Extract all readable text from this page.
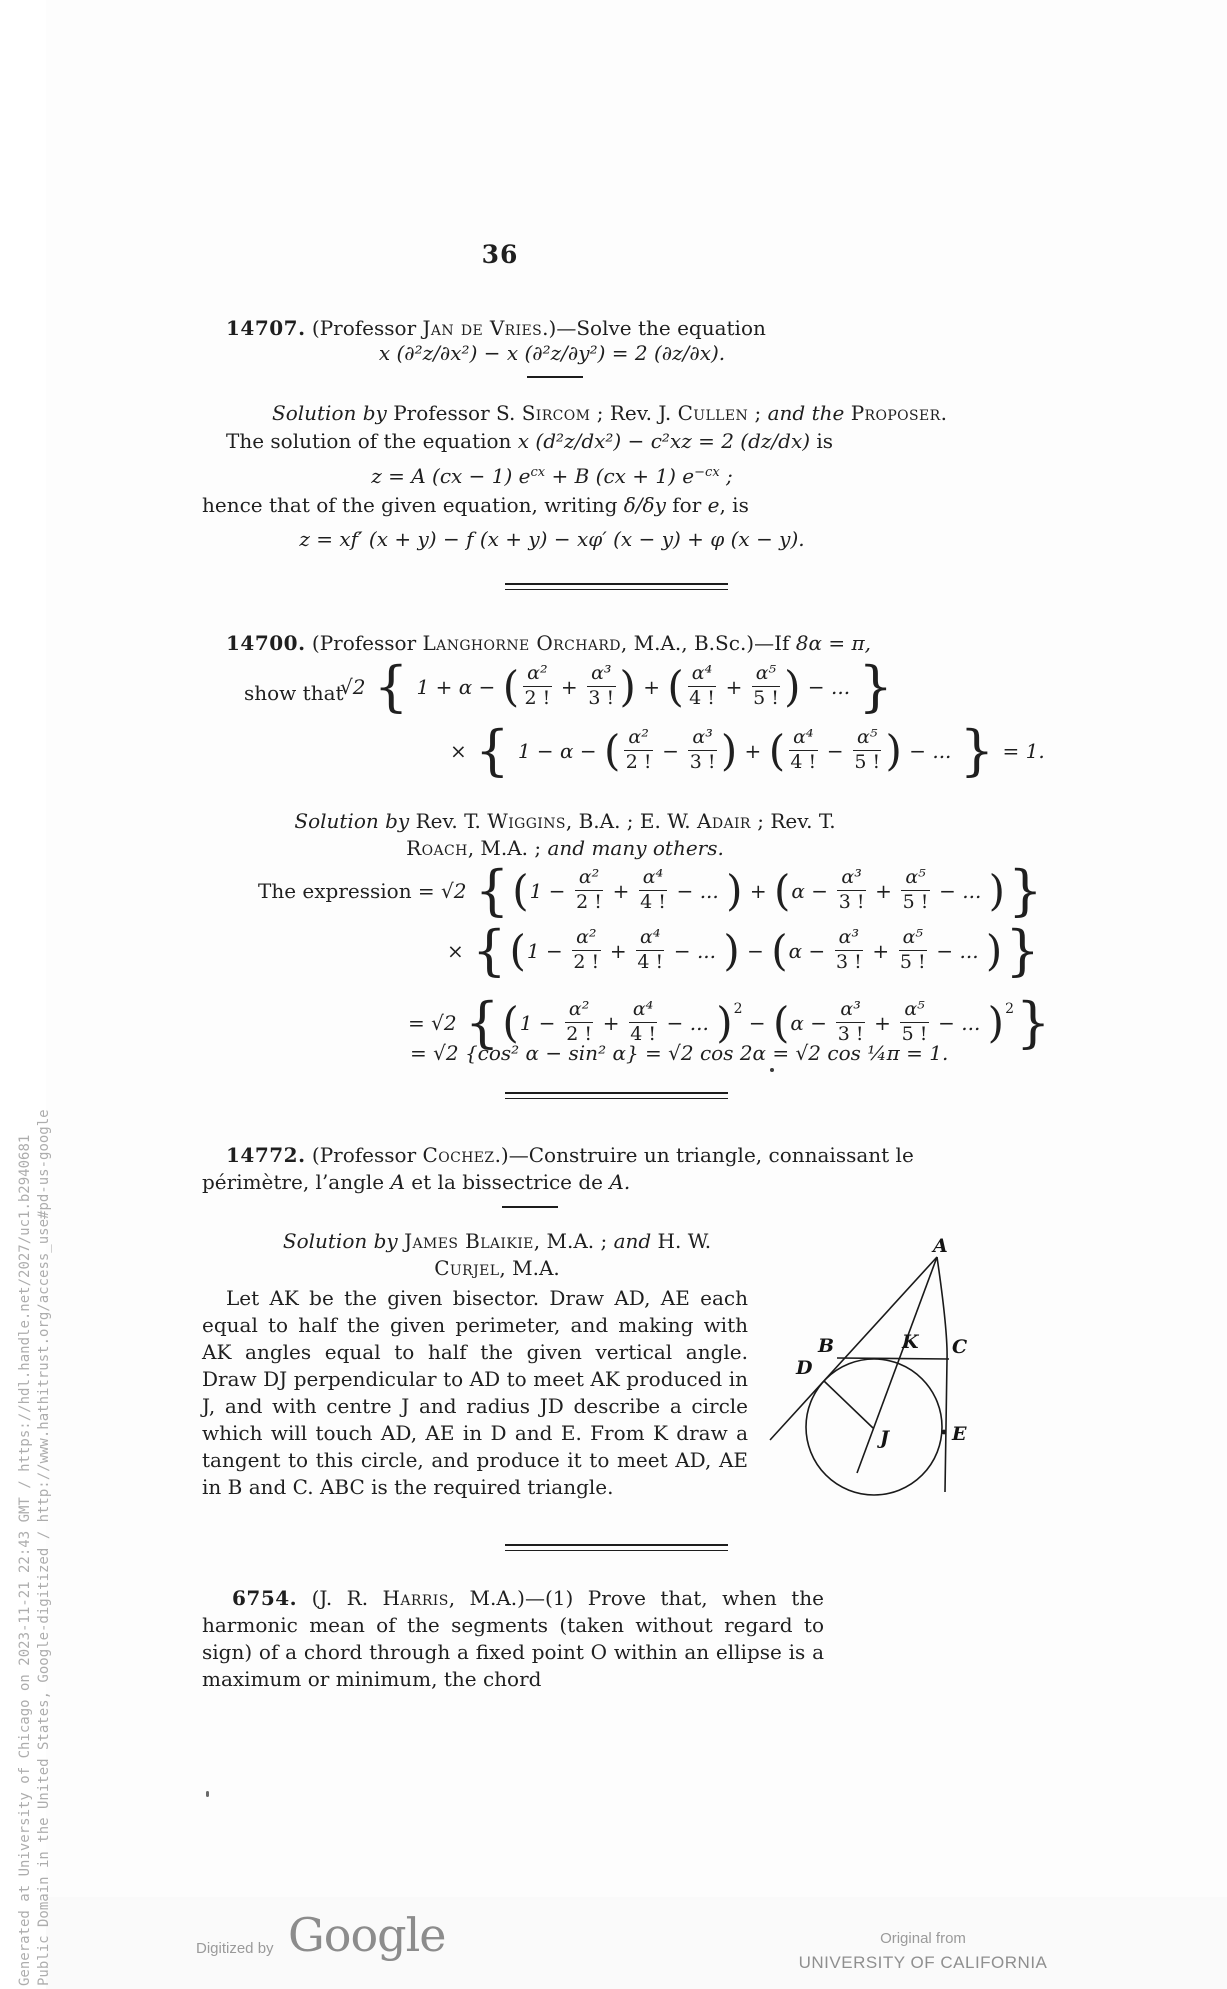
Generated at University of Chicago on 2023-11-21 22:43 GMT / https://hdl.handle.net/2027/uc1.b2940681 Public Domain in the United States, Google-digitized / http://www.hathitrust.org/access_use#pd-us-google
36
14707. (Professor Jan de Vries.)—Solve the equation
x (∂²z/∂x²) − x (∂²z/∂y²) = 2 (∂z/∂x).
Solution by Professor S. Sircom ; Rev. J. Cullen ; and the Proposer.
The solution of the equation x (d²z/dx²) − c²xz = 2 (dz/dx) is
z = A (cx − 1) $e^{cx} + B$ (cx + 1) $e^{-cx}$ ;
hence that of the given equation, writing δ/δy for e, is
z = xf′ (x + y) − f (x + y) − xφ′ (x − y) + φ (x − y).
14700. (Professor Langhorne Orchard, M.A., B.Sc.)—If 8α = π,
show that
√2 { 1 + α − ( $\frac{\text{α²}}{2 !} + \frac{\text{α³}}{3 !}$ ) + ( $\frac{\text{α⁴}}{4 !} + \frac{\text{α⁵}}{5 !}$ ) − ... }
× { 1 − α − ( $\frac{\text{α²}}{2 !} - \frac{\text{α³}}{3 !}$ ) + ( $\frac{\text{α⁴}}{4 !} - \frac{\text{α⁵}}{5 !}$ ) − ... } = 1.
Solution by Rev. T. Wiggins, B.A. ; E. W. Adair ; Rev. T.
Roach, M.A. ; and many others.
The expression = √2 {($1 - \frac{\text{α²}}{2 !} + \frac{\text{α⁴}}{4 !}$ − ... ) + ($\alpha - \frac{\text{α³}}{3 !} + \frac{\text{α⁵}}{5 !}$ − ... )}
× {($1 - \frac{\text{α²}}{2 !} + \frac{\text{α⁴}}{4 !}$ − ... ) − ($\alpha - \frac{\text{α³}}{3 !} + \frac{\text{α⁵}}{5 !}$ − ... )}
= √2 {($1 - \frac{\text{α²}}{2 !} + \frac{\text{α⁴}}{4 !}$ − ... )$^2 - (\alpha - \frac{\text{α³}}{3 !} + \frac{\text{α⁵}}{5 !}$ − ... )$^2$}
= √2 {cos² α − sin² α} = √2 cos 2α = √2 cos ¼π = 1.
14772. (Professor Cochez.)—Construire un triangle, connaissant le
périmètre, l’angle A et la bissectrice de A.
Solution by James Blaikie, M.A. ; and H. W.
Curjel, M.A.
Let AK be the given bisector. Draw AD, AE each equal to half the given perimeter, and making with AK angles equal to half the given vertical angle. Draw DJ perpendicular to AD to meet AK produced in J, and with centre J and radius JD describe a circle which will touch AD, AE in D and E. From K draw a tangent to this circle, and produce it to meet AD, AE in B and C. ABC is the required triangle.
A
B	K C
D
J	E
6754. (J. R. Harris, M.A.)—(1) Prove that, when the harmonic mean of the segments (taken without regard to sign) of a chord through a fixed point O within an ellipse is a maximum or minimum, the chord
Digitized by Google	Original from
UNIVERSITY OF CALIFORNIA
